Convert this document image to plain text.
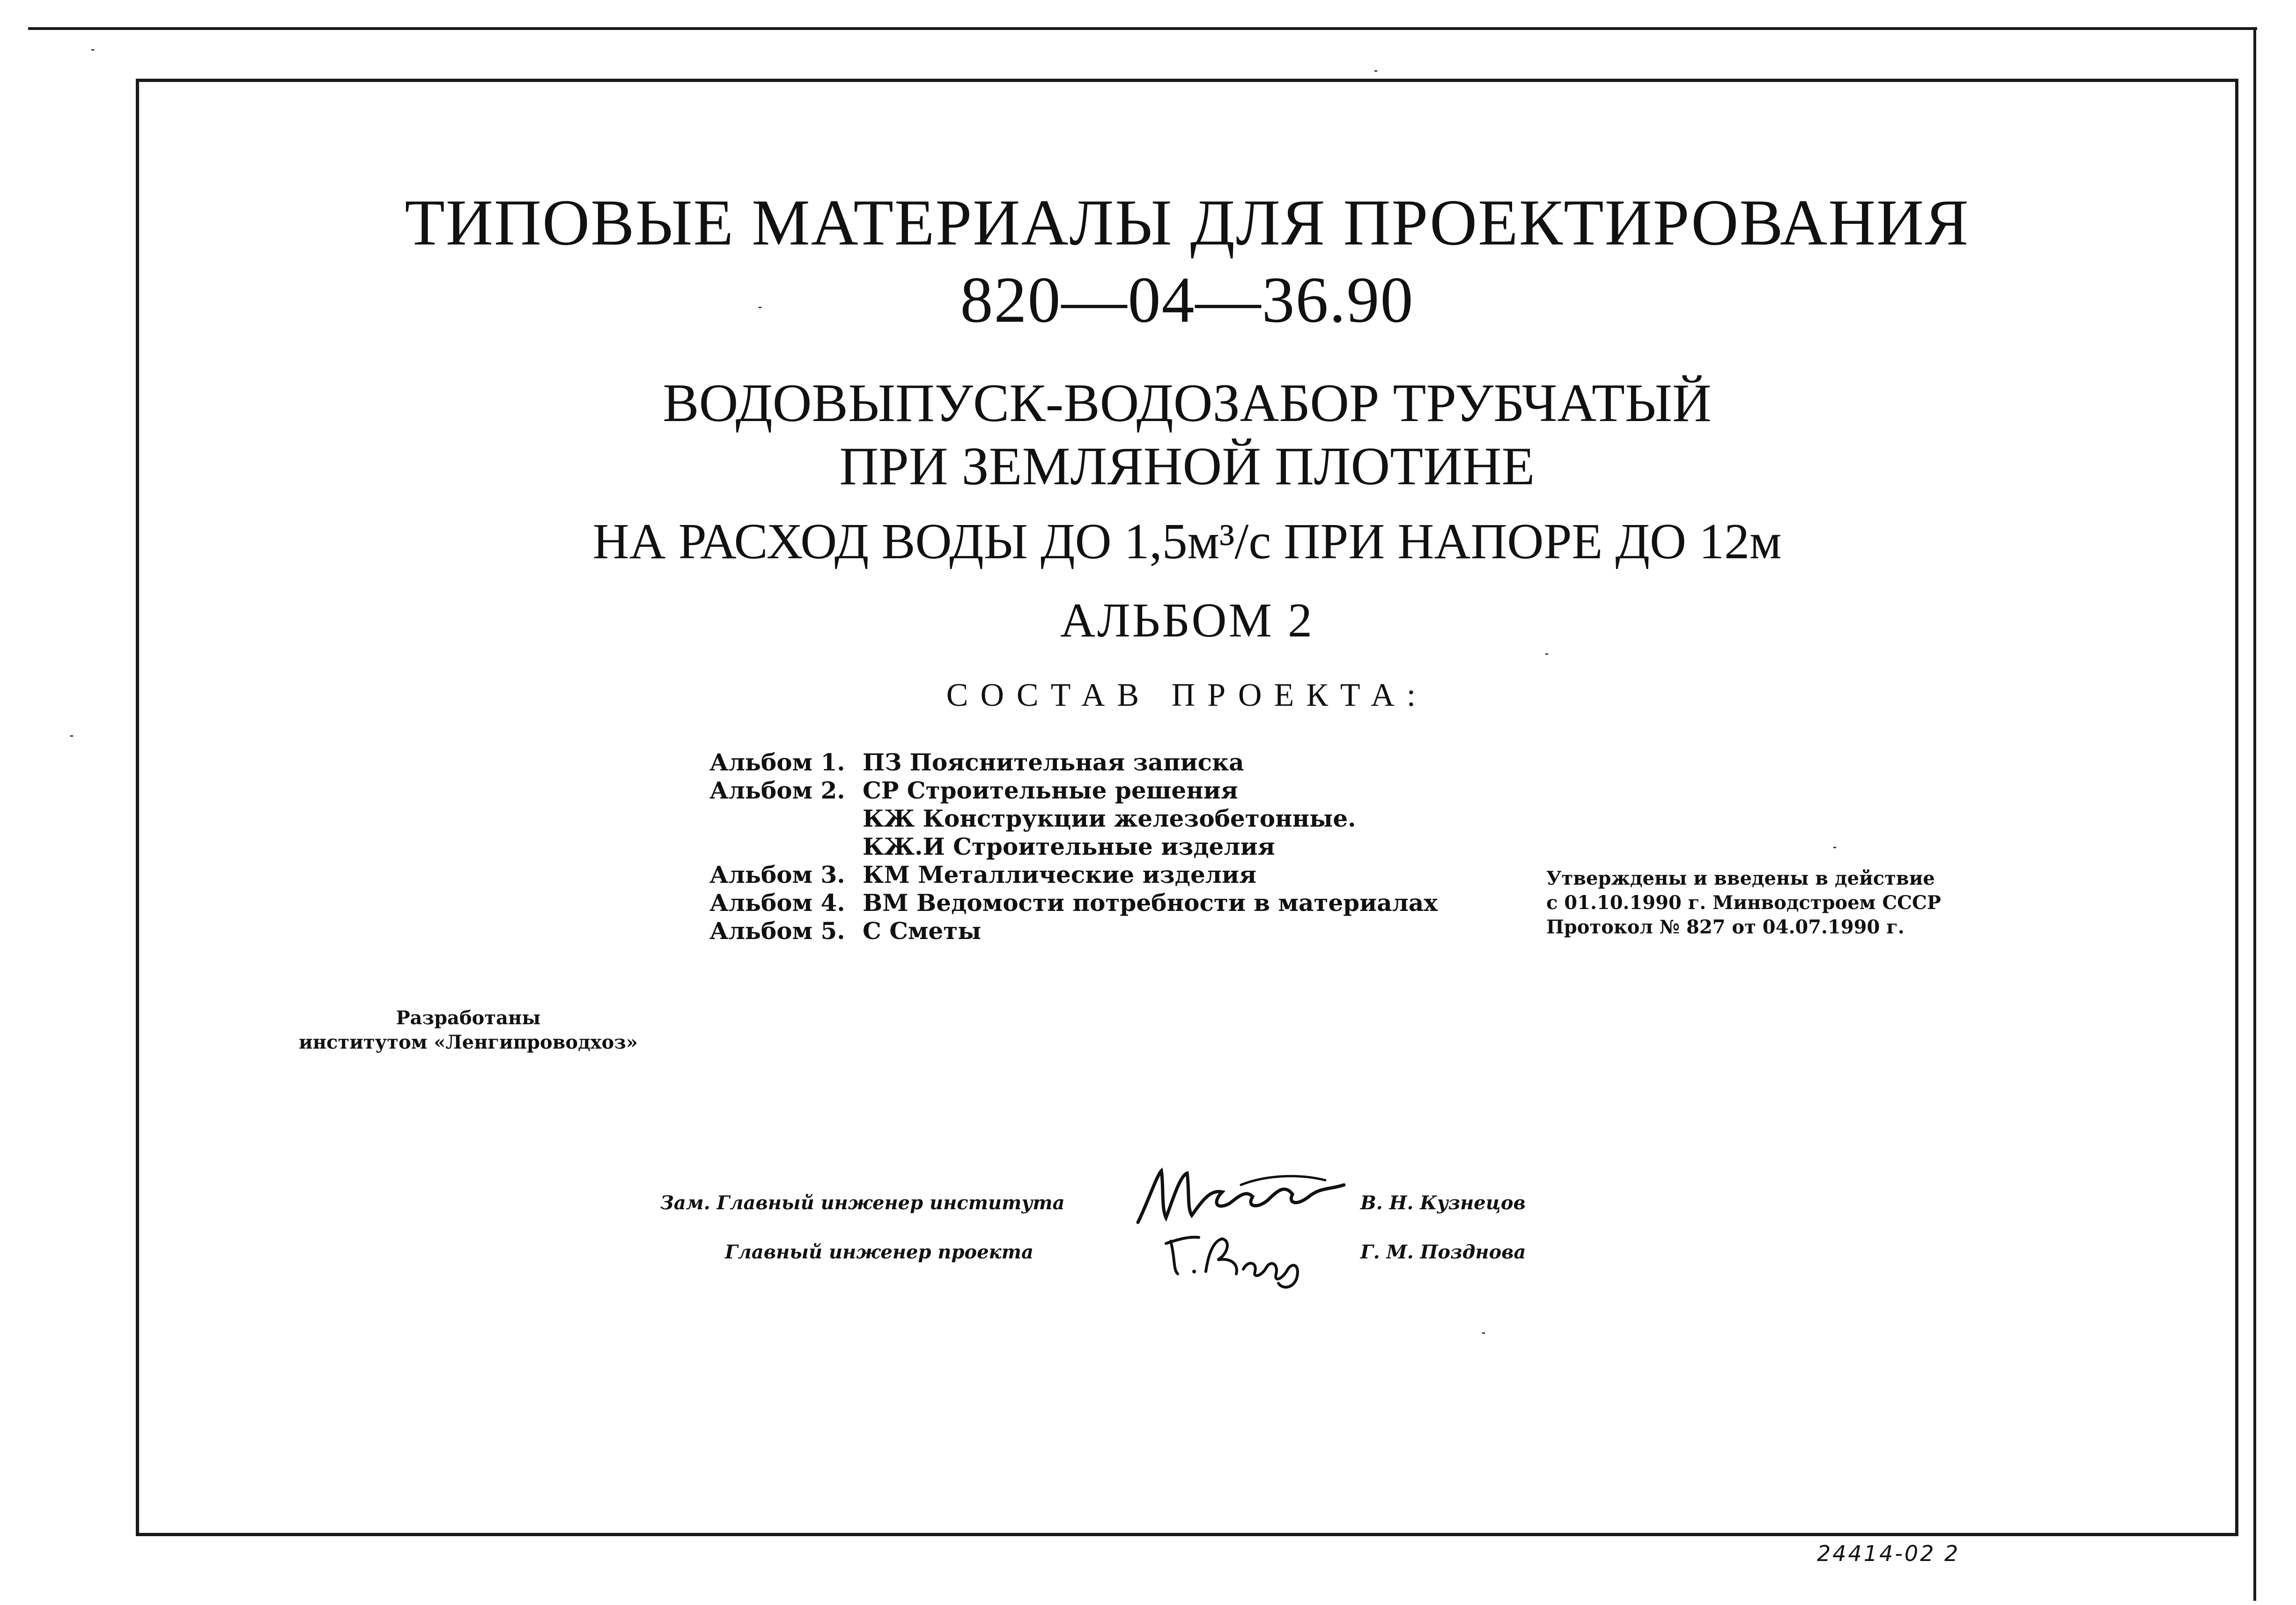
ТИПОВЫЕ МАТЕРИАЛЫ ДЛЯ ПРОЕКТИРОВАНИЯ
820—04—36.90
ВОДОВЫПУСК-ВОДОЗАБОР ТРУБЧАТЫЙ
ПРИ ЗЕМЛЯНОЙ ПЛОТИНЕ
НА РАСХОД ВОДЫ ДО 1,5м³/с ПРИ НАПОРЕ ДО 12м
АЛЬБОМ 2
СОСТАВ ПРОЕКТА:
Альбом 1. ПЗ Пояснительная записка
Альбом 2. СР Строительные решения
КЖ Конструкции железобетонные.
КЖ.И Строительные изделия
Альбом 3. КМ Металлические изделия
Альбом 4. ВМ Ведомости потребности в материалах
Альбом 5. С Сметы
Утверждены и введены в действие
с 01.10.1990 г. Минводстроем СССР
Протокол № 827 от 04.07.1990 г.
Разработаны
институтом «Ленгипроводхоз»
Зам. Главный инженер института	В. Н. Кузнецов
Главный инженер проекта	Г. М. Позднова
24414-02 2
